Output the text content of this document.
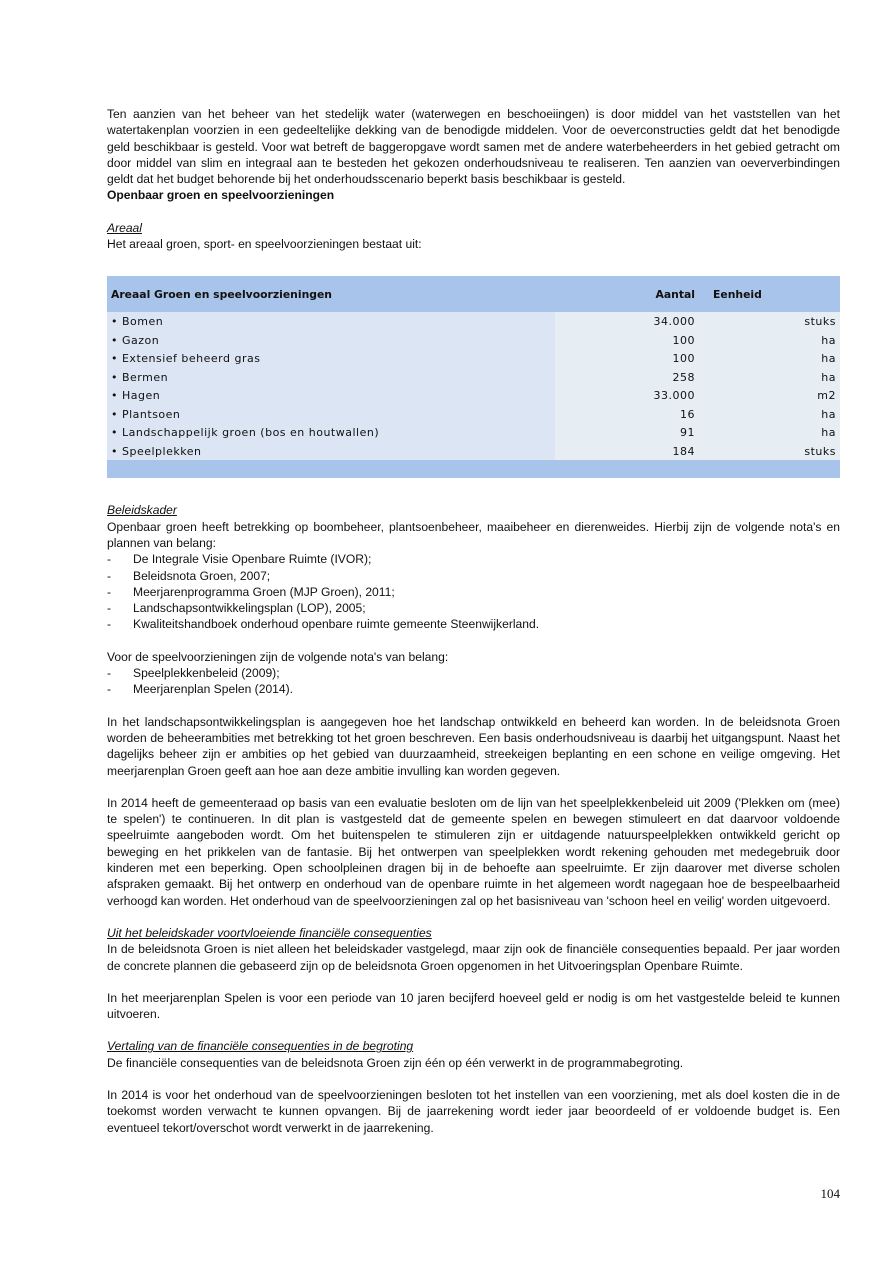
Ten aanzien van het beheer van het stedelijk water (waterwegen en beschoeiingen) is door middel van het vaststellen van het watertakenplan voorzien in een gedeeltelijke dekking van de benodigde middelen. Voor de oeverconstructies geldt dat het benodigde geld beschikbaar is gesteld. Voor wat betreft de baggeropgave wordt samen met de andere waterbeheerders in het gebied getracht om door middel van slim en integraal aan te besteden het gekozen onderhoudsniveau te realiseren. Ten aanzien van oeververbindingen geldt dat het budget behorende bij het onderhoudsscenario beperkt basis beschikbaar is gesteld.

Openbaar groen en speelvoorzieningen
Areaal

Het areaal groen, sport- en speelvoorzieningen bestaat uit:

Areaal Groen en speelvoorzieningen	Aantal	Eenheid
• Bomen	34.000	stuks
• Gazon	100	ha
• Extensief beheerd gras	100	ha
• Bermen	258	ha
• Hagen	33.000	m2
• Plantsoen	16	ha
• Landschappelijk groen (bos en houtwallen)	91	ha
• Speelplekken	184	stuks

Beleidskader

Openbaar groen heeft betrekking op boombeheer, plantsoenbeheer, maaibeheer en dierenweides. Hierbij zijn de volgende nota's en plannen van belang:

- De Integrale Visie Openbare Ruimte (IVOR);
- Beleidsnota Groen, 2007;
- Meerjarenprogramma Groen (MJP Groen), 2011;
- Landschapsontwikkelingsplan (LOP), 2005;
- Kwaliteitshandboek onderhoud openbare ruimte gemeente Steenwijkerland.

Voor de speelvoorzieningen zijn de volgende nota's van belang:

- Speelplekkenbeleid (2009);
- Meerjarenplan Spelen (2014).

In het landschapsontwikkelingsplan is aangegeven hoe het landschap ontwikkeld en beheerd kan worden. In de beleidsnota Groen worden de beheerambities met betrekking tot het groen beschreven. Een basis onderhoudsniveau is daarbij het uitgangspunt. Naast het dagelijks beheer zijn er ambities op het gebied van duurzaamheid, streekeigen beplanting en een schone en veilige omgeving. Het meerjarenplan Groen geeft aan hoe aan deze ambitie invulling kan worden gegeven.

In 2014 heeft de gemeenteraad op basis van een evaluatie besloten om de lijn van het speelplekkenbeleid uit 2009 ('Plekken om (mee) te spelen') te continueren. In dit plan is vastgesteld dat de gemeente spelen en bewegen stimuleert en dat daarvoor voldoende speelruimte aangeboden wordt. Om het buitenspelen te stimuleren zijn er uitdagende natuurspeelplekken ontwikkeld gericht op beweging en het prikkelen van de fantasie. Bij het ontwerpen van speelplekken wordt rekening gehouden met medegebruik door kinderen met een beperking. Open schoolpleinen dragen bij in de behoefte aan speelruimte. Er zijn daarover met diverse scholen afspraken gemaakt. Bij het ontwerp en onderhoud van de openbare ruimte in het algemeen wordt nagegaan hoe de bespeelbaarheid verhoogd kan worden. Het onderhoud van de speelvoorzieningen zal op het basisniveau van 'schoon heel en veilig' worden uitgevoerd.

Uit het beleidskader voortvloeiende financiële consequenties

In de beleidsnota Groen is niet alleen het beleidskader vastgelegd, maar zijn ook de financiële consequenties bepaald. Per jaar worden de concrete plannen die gebaseerd zijn op de beleidsnota Groen opgenomen in het Uitvoeringsplan Openbare Ruimte.

In het meerjarenplan Spelen is voor een periode van 10 jaren becijferd hoeveel geld er nodig is om het vastgestelde beleid te kunnen uitvoeren.

Vertaling van de financiële consequenties in de begroting

De financiële consequenties van de beleidsnota Groen zijn één op één verwerkt in de programmabegroting.

In 2014 is voor het onderhoud van de speelvoorzieningen besloten tot het instellen van een voorziening, met als doel kosten die in de toekomst worden verwacht te kunnen opvangen. Bij de jaarrekening wordt ieder jaar beoordeeld of er voldoende budget is. Een eventueel tekort/overschot wordt verwerkt in de jaarrekening.

104
